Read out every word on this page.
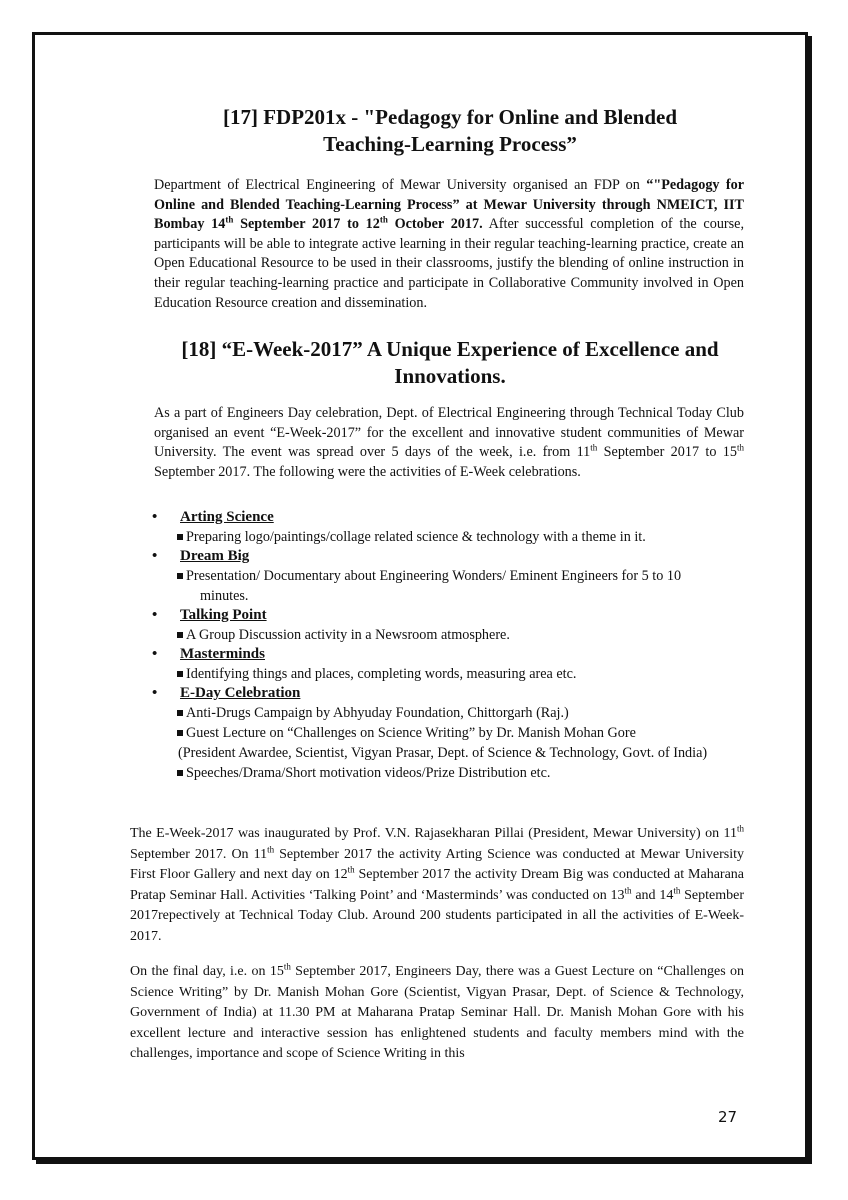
[17] FDP201x - "Pedagogy for Online and Blended
Teaching-Learning Process”
Department of Electrical Engineering of Mewar University organised an FDP on “"Pedagogy for Online and Blended Teaching-Learning Process” at Mewar University through NMEICT, IIT Bombay 14th September 2017 to 12th October 2017. After successful completion of the course, participants will be able to integrate active learning in their regular teaching-learning practice, create an Open Educational Resource to be used in their classrooms, justify the blending of online instruction in their regular teaching-learning practice and participate in Collaborative Community involved in Open Education Resource creation and dissemination.
[18] “E-Week-2017” A Unique Experience of Excellence and
Innovations.
As a part of Engineers Day celebration, Dept. of Electrical Engineering through Technical Today Club organised an event “E-Week-2017” for the excellent and innovative student communities of Mewar University. The event was spread over 5 days of the week, i.e. from 11th September 2017 to 15th September 2017. The following were the activities of E-Week celebrations.
•	Arting Science
Preparing logo/paintings/collage related science & technology with a theme in it.
•	Dream Big
Presentation/ Documentary about Engineering Wonders/ Eminent Engineers for 5 to 10
minutes.
•	Talking Point
A Group Discussion activity in a Newsroom atmosphere.
•	Masterminds
Identifying things and places, completing words, measuring area etc.
•	E-Day Celebration
Anti-Drugs Campaign by Abhyuday Foundation, Chittorgarh (Raj.)
Guest Lecture on “Challenges on Science Writing” by Dr. Manish Mohan Gore
(President Awardee, Scientist, Vigyan Prasar, Dept. of Science & Technology, Govt. of India)
Speeches/Drama/Short motivation videos/Prize Distribution etc.
The E-Week-2017 was inaugurated by Prof. V.N. Rajasekharan Pillai (President, Mewar University) on 11th September 2017. On 11th September 2017 the activity Arting Science was conducted at Mewar University First Floor Gallery and next day on 12th September 2017 the activity Dream Big was conducted at Maharana Pratap Seminar Hall. Activities ‘Talking Point’ and ‘Masterminds’ was conducted on 13th and 14th September 2017repectively at Technical Today Club. Around 200 students participated in all the activities of E-Week-2017.
On the final day, i.e. on 15th September 2017, Engineers Day, there was a Guest Lecture on “Challenges on Science Writing” by Dr. Manish Mohan Gore (Scientist, Vigyan Prasar, Dept. of Science & Technology, Government of India) at 11.30 PM at Maharana Pratap Seminar Hall. Dr. Manish Mohan Gore with his excellent lecture and interactive session has enlightened students and faculty members mind with the challenges, importance and scope of Science Writing in this
27
